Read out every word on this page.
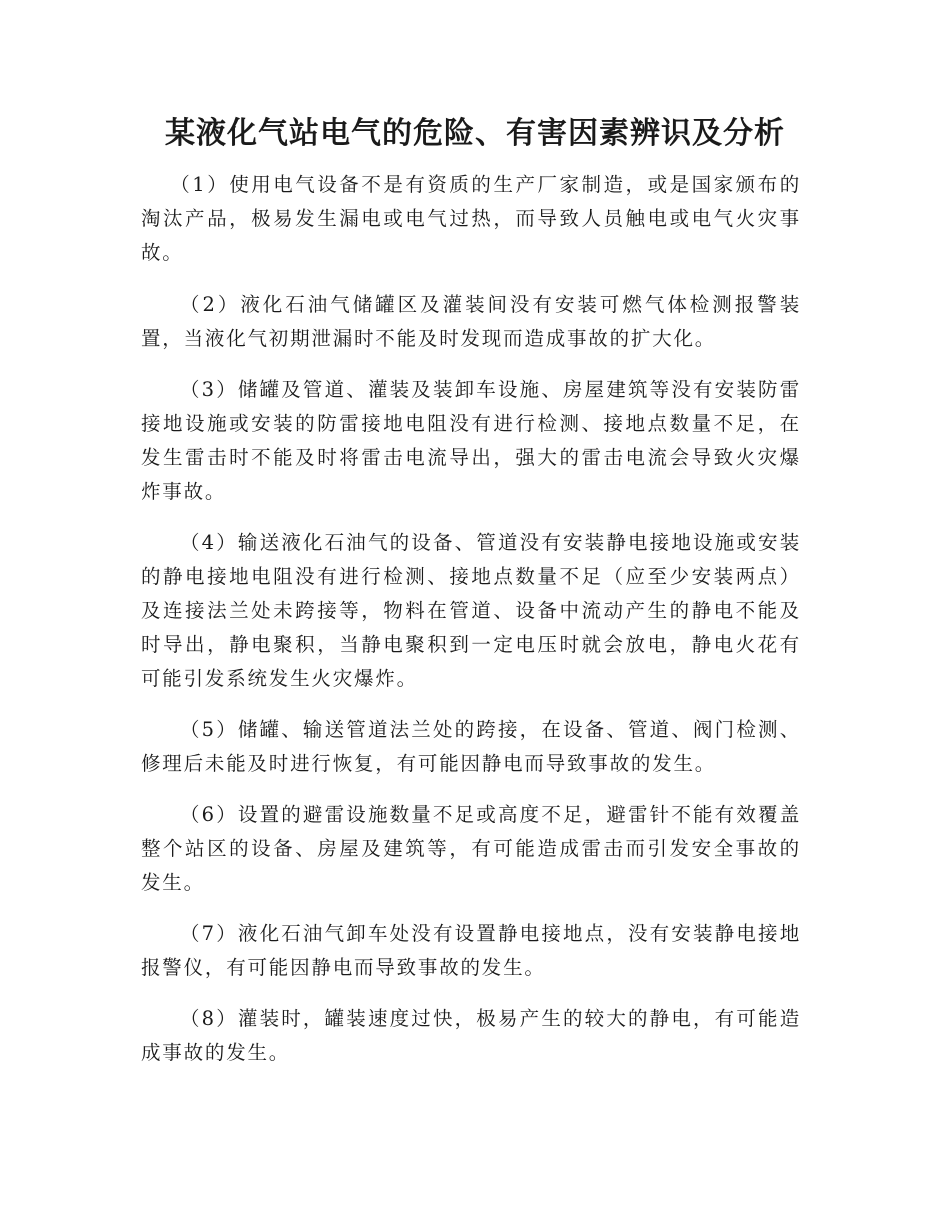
某液化气站电气的危险、有害因素辨识及分析

（1）使用电气设备不是有资质的生产厂家制造，或是国家颁布的淘汰产品，极易发生漏电或电气过热，而导致人员触电或电气火灾事故。

（2）液化石油气储罐区及灌装间没有安装可燃气体检测报警装置，当液化气初期泄漏时不能及时发现而造成事故的扩大化。

（3）储罐及管道、灌装及装卸车设施、房屋建筑等没有安装防雷接地设施或安装的防雷接地电阻没有进行检测、接地点数量不足，在发生雷击时不能及时将雷击电流导出，强大的雷击电流会导致火灾爆炸事故。

（4）输送液化石油气的设备、管道没有安装静电接地设施或安装的静电接地电阻没有进行检测、接地点数量不足（应至少安装两点）及连接法兰处未跨接等，物料在管道、设备中流动产生的静电不能及时导出，静电聚积，当静电聚积到一定电压时就会放电，静电火花有可能引发系统发生火灾爆炸。

（5）储罐、输送管道法兰处的跨接，在设备、管道、阀门检测、修理后未能及时进行恢复，有可能因静电而导致事故的发生。

（6）设置的避雷设施数量不足或高度不足，避雷针不能有效覆盖整个站区的设备、房屋及建筑等，有可能造成雷击而引发安全事故的发生。

（7）液化石油气卸车处没有设置静电接地点，没有安装静电接地报警仪，有可能因静电而导致事故的发生。

（8）灌装时，罐装速度过快，极易产生的较大的静电，有可能造成事故的发生。
